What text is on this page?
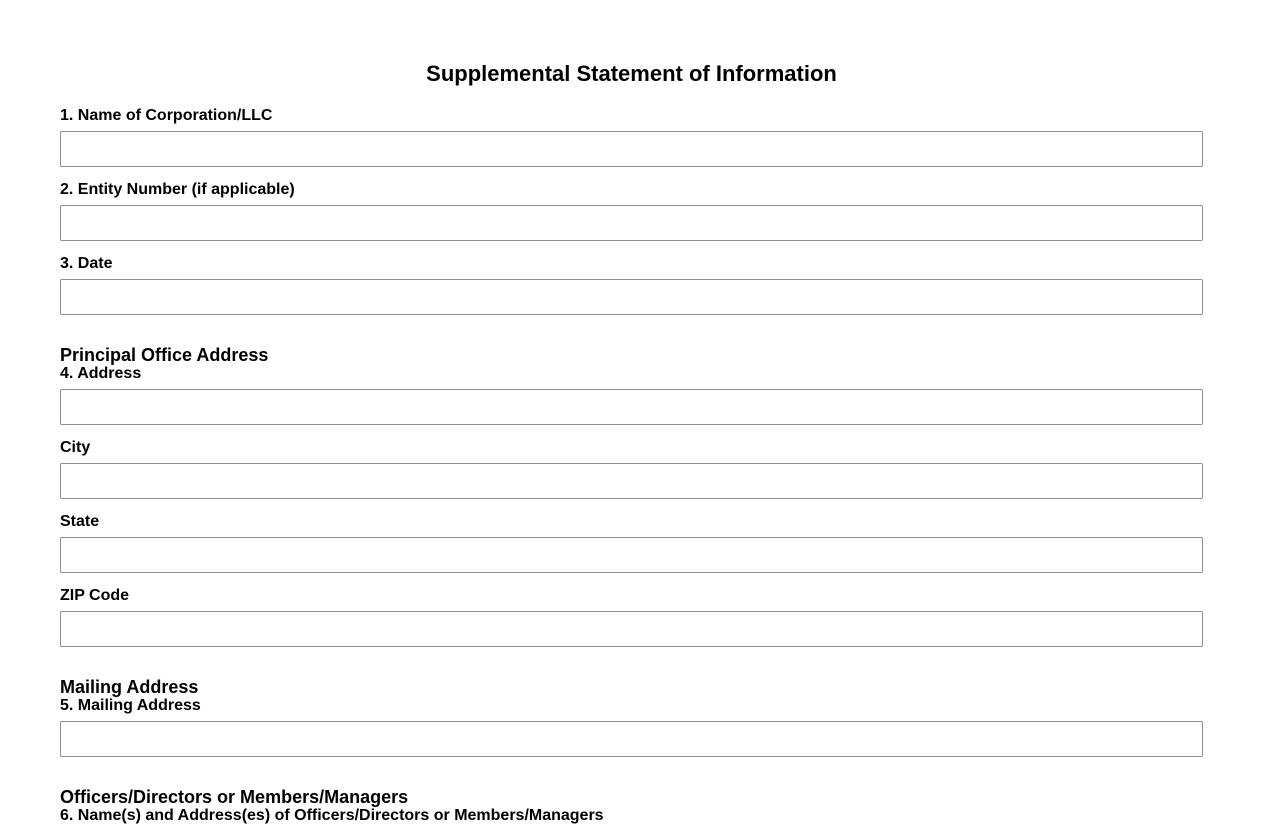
Supplemental Statement of Information
1. Name of Corporation/LLC
2. Entity Number (if applicable)
3. Date
Principal Office Address
4. Address
City
State
ZIP Code
Mailing Address
5. Mailing Address
Officers/Directors or Members/Managers
6. Name(s) and Address(es) of Officers/Directors or Members/Managers
